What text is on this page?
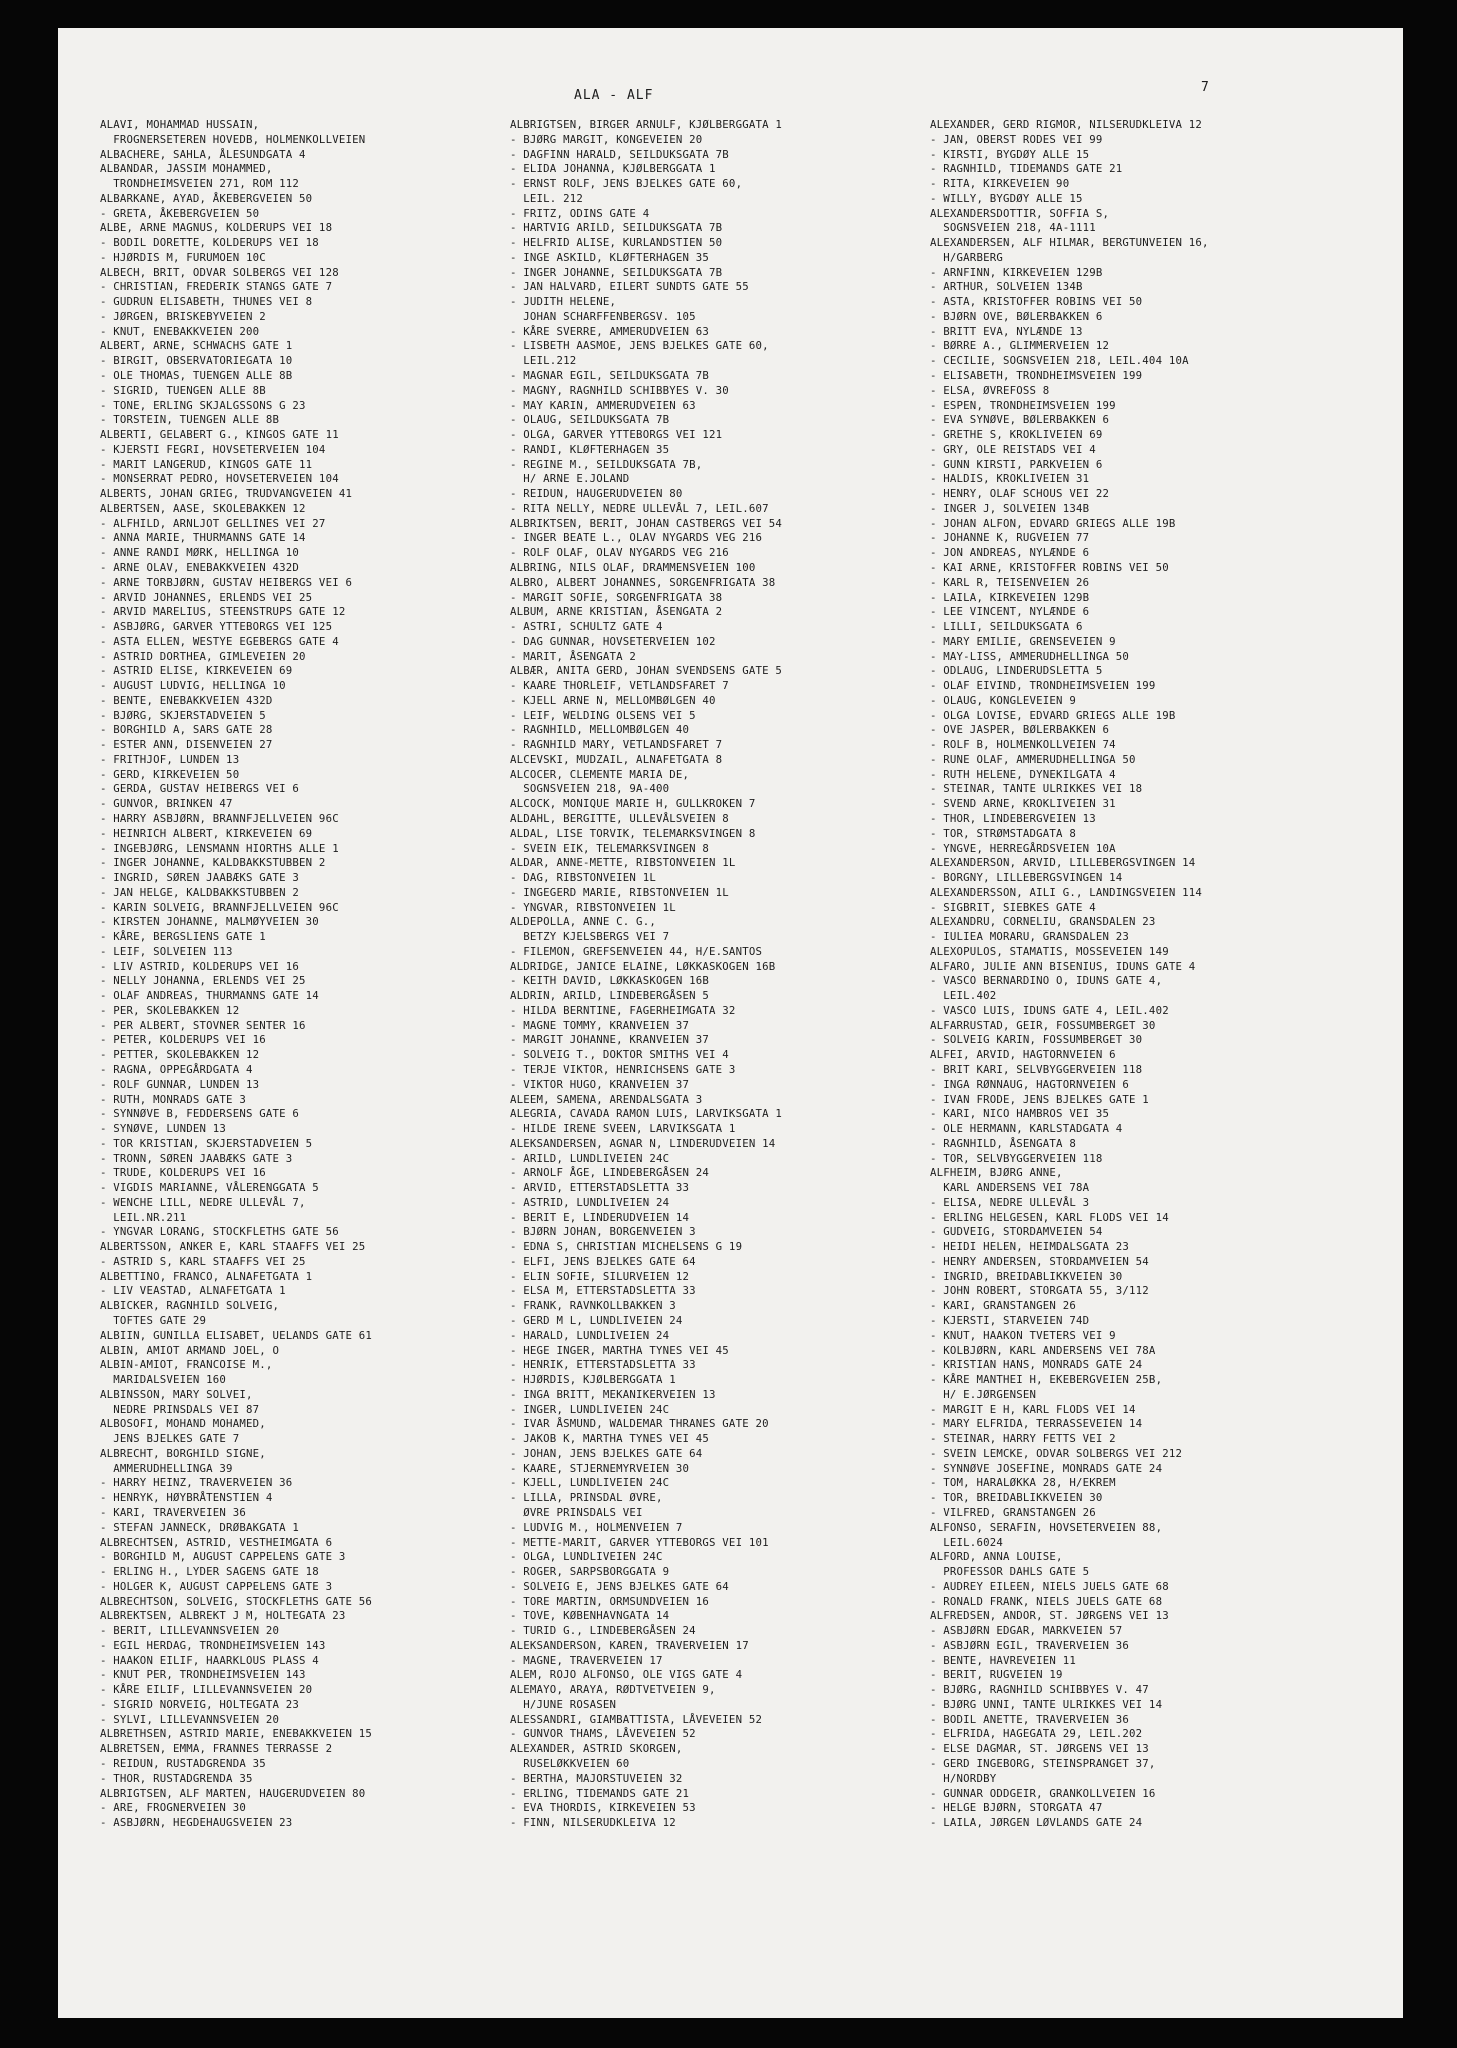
ALA - ALF
7
ALAVI, MOHAMMAD HUSSAIN,
FROGNERSETEREN HOVEDB, HOLMENKOLLVEIEN
ALBACHERE, SAHLA, ÅLESUNDGATA 4
ALBANDAR, JASSIM MOHAMMED,
TRONDHEIMSVEIEN 271, ROM 112
ALBARKANE, AYAD, ÅKEBERGVEIEN 50
- GRETA, ÅKEBERGVEIEN 50
ALBE, ARNE MAGNUS, KOLDERUPS VEI 18
- BODIL DORETTE, KOLDERUPS VEI 18
- HJØRDIS M, FURUMOEN 10C
ALBECH, BRIT, ODVAR SOLBERGS VEI 128
- CHRISTIAN, FREDERIK STANGS GATE 7
- GUDRUN ELISABETH, THUNES VEI 8
- JØRGEN, BRISKEBYVEIEN 2
- KNUT, ENEBAKKVEIEN 200
ALBERT, ARNE, SCHWACHS GATE 1
- BIRGIT, OBSERVATORIEGATA 10
- OLE THOMAS, TUENGEN ALLE 8B
- SIGRID, TUENGEN ALLE 8B
- TONE, ERLING SKJALGSSONS G 23
- TORSTEIN, TUENGEN ALLE 8B
ALBERTI, GELABERT G., KINGOS GATE 11
- KJERSTI FEGRI, HOVSETERVEIEN 104
- MARIT LANGERUD, KINGOS GATE 11
- MONSERRAT PEDRO, HOVSETERVEIEN 104
ALBERTS, JOHAN GRIEG, TRUDVANGVEIEN 41
ALBERTSEN, AASE, SKOLEBAKKEN 12
- ALFHILD, ARNLJOT GELLINES VEI 27
- ANNA MARIE, THURMANNS GATE 14
- ANNE RANDI MØRK, HELLINGA 10
- ARNE OLAV, ENEBAKKVEIEN 432D
- ARNE TORBJØRN, GUSTAV HEIBERGS VEI 6
- ARVID JOHANNES, ERLENDS VEI 25
- ARVID MARELIUS, STEENSTRUPS GATE 12
- ASBJØRG, GARVER YTTEBORGS VEI 125
- ASTA ELLEN, WESTYE EGEBERGS GATE 4
- ASTRID DORTHEA, GIMLEVEIEN 20
- ASTRID ELISE, KIRKEVEIEN 69
- AUGUST LUDVIG, HELLINGA 10
- BENTE, ENEBAKKVEIEN 432D
- BJØRG, SKJERSTADVEIEN 5
- BORGHILD A, SARS GATE 28
- ESTER ANN, DISENVEIEN 27
- FRITHJOF, LUNDEN 13
- GERD, KIRKEVEIEN 50
- GERDA, GUSTAV HEIBERGS VEI 6
- GUNVOR, BRINKEN 47
- HARRY ASBJØRN, BRANNFJELLVEIEN 96C
- HEINRICH ALBERT, KIRKEVEIEN 69
- INGEBJØRG, LENSMANN HIORTHS ALLE 1
- INGER JOHANNE, KALDBAKKSTUBBEN 2
- INGRID, SØREN JAABÆKS GATE 3
- JAN HELGE, KALDBAKKSTUBBEN 2
- KARIN SOLVEIG, BRANNFJELLVEIEN 96C
- KIRSTEN JOHANNE, MALMØYVEIEN 30
- KÅRE, BERGSLIENS GATE 1
- LEIF, SOLVEIEN 113
- LIV ASTRID, KOLDERUPS VEI 16
- NELLY JOHANNA, ERLENDS VEI 25
- OLAF ANDREAS, THURMANNS GATE 14
- PER, SKOLEBAKKEN 12
- PER ALBERT, STOVNER SENTER 16
- PETER, KOLDERUPS VEI 16
- PETTER, SKOLEBAKKEN 12
- RAGNA, OPPEGÅRDGATA 4
- ROLF GUNNAR, LUNDEN 13
- RUTH, MONRADS GATE 3
- SYNNØVE B, FEDDERSENS GATE 6
- SYNØVE, LUNDEN 13
- TOR KRISTIAN, SKJERSTADVEIEN 5
- TRONN, SØREN JAABÆKS GATE 3
- TRUDE, KOLDERUPS VEI 16
- VIGDIS MARIANNE, VÅLERENGGATA 5
- WENCHE LILL, NEDRE ULLEVÅL 7,
LEIL.NR.211
- YNGVAR LORANG, STOCKFLETHS GATE 56
ALBERTSSON, ANKER E, KARL STAAFFS VEI 25
- ASTRID S, KARL STAAFFS VEI 25
ALBETTINO, FRANCO, ALNAFETGATA 1
- LIV VEASTAD, ALNAFETGATA 1
ALBICKER, RAGNHILD SOLVEIG,
TOFTES GATE 29
ALBIIN, GUNILLA ELISABET, UELANDS GATE 61
ALBIN, AMIOT ARMAND JOEL, O
ALBIN-AMIOT, FRANCOISE M.,
MARIDALSVEIEN 160
ALBINSSON, MARY SOLVEI,
NEDRE PRINSDALS VEI 87
ALBOSOFI, MOHAND MOHAMED,
JENS BJELKES GATE 7
ALBRECHT, BORGHILD SIGNE,
AMMERUDHELLINGA 39
- HARRY HEINZ, TRAVERVEIEN 36
- HENRYK, HØYBRÅTENSTIEN 4
- KARI, TRAVERVEIEN 36
- STEFAN JANNECK, DRØBAKGATA 1
ALBRECHTSEN, ASTRID, VESTHEIMGATA 6
- BORGHILD M, AUGUST CAPPELENS GATE 3
- ERLING H., LYDER SAGENS GATE 18
- HOLGER K, AUGUST CAPPELENS GATE 3
ALBRECHTSON, SOLVEIG, STOCKFLETHS GATE 56
ALBREKTSEN, ALBREKT J M, HOLTEGATA 23
- BERIT, LILLEVANNSVEIEN 20
- EGIL HERDAG, TRONDHEIMSVEIEN 143
- HAAKON EILIF, HAARKLOUS PLASS 4
- KNUT PER, TRONDHEIMSVEIEN 143
- KÅRE EILIF, LILLEVANNSVEIEN 20
- SIGRID NORVEIG, HOLTEGATA 23
- SYLVI, LILLEVANNSVEIEN 20
ALBRETHSEN, ASTRID MARIE, ENEBAKKVEIEN 15
ALBRETSEN, EMMA, FRANNES TERRASSE 2
- REIDUN, RUSTADGRENDA 35
- THOR, RUSTADGRENDA 35
ALBRIGTSEN, ALF MARTEN, HAUGERUDVEIEN 80
- ARE, FROGNERVEIEN 30
- ASBJØRN, HEGDEHAUGSVEIEN 23
ALBRIGTSEN, BIRGER ARNULF, KJØLBERGGATA 1
- BJØRG MARGIT, KONGEVEIEN 20
- DAGFINN HARALD, SEILDUKSGATA 7B
- ELIDA JOHANNA, KJØLBERGGATA 1
- ERNST ROLF, JENS BJELKES GATE 60,
LEIL. 212
- FRITZ, ODINS GATE 4
- HARTVIG ARILD, SEILDUKSGATA 7B
- HELFRID ALISE, KURLANDSTIEN 50
- INGE ASKILD, KLØFTERHAGEN 35
- INGER JOHANNE, SEILDUKSGATA 7B
- JAN HALVARD, EILERT SUNDTS GATE 55
- JUDITH HELENE,
JOHAN SCHARFFENBERGSV. 105
- KÅRE SVERRE, AMMERUDVEIEN 63
- LISBETH AASMOE, JENS BJELKES GATE 60,
LEIL.212
- MAGNAR EGIL, SEILDUKSGATA 7B
- MAGNY, RAGNHILD SCHIBBYES V. 30
- MAY KARIN, AMMERUDVEIEN 63
- OLAUG, SEILDUKSGATA 7B
- OLGA, GARVER YTTEBORGS VEI 121
- RANDI, KLØFTERHAGEN 35
- REGINE M., SEILDUKSGATA 7B,
H/ ARNE E.JOLAND
- REIDUN, HAUGERUDVEIEN 80
- RITA NELLY, NEDRE ULLEVÅL 7, LEIL.607
ALBRIKTSEN, BERIT, JOHAN CASTBERGS VEI 54
- INGER BEATE L., OLAV NYGARDS VEG 216
- ROLF OLAF, OLAV NYGARDS VEG 216
ALBRING, NILS OLAF, DRAMMENSVEIEN 100
ALBRO, ALBERT JOHANNES, SORGENFRIGATA 38
- MARGIT SOFIE, SORGENFRIGATA 38
ALBUM, ARNE KRISTIAN, ÅSENGATA 2
- ASTRI, SCHULTZ GATE 4
- DAG GUNNAR, HOVSETERVEIEN 102
- MARIT, ÅSENGATA 2
ALBÆR, ANITA GERD, JOHAN SVENDSENS GATE 5
- KAARE THORLEIF, VETLANDSFARET 7
- KJELL ARNE N, MELLOMBØLGEN 40
- LEIF, WELDING OLSENS VEI 5
- RAGNHILD, MELLOMBØLGEN 40
- RAGNHILD MARY, VETLANDSFARET 7
ALCEVSKI, MUDZAIL, ALNAFETGATA 8
ALCOCER, CLEMENTE MARIA DE,
SOGNSVEIEN 218, 9A-400
ALCOCK, MONIQUE MARIE H, GULLKROKEN 7
ALDAHL, BERGITTE, ULLEVÅLSVEIEN 8
ALDAL, LISE TORVIK, TELEMARKSVINGEN 8
- SVEIN EIK, TELEMARKSVINGEN 8
ALDAR, ANNE-METTE, RIBSTONVEIEN 1L
- DAG, RIBSTONVEIEN 1L
- INGEGERD MARIE, RIBSTONVEIEN 1L
- YNGVAR, RIBSTONVEIEN 1L
ALDEPOLLA, ANNE C. G.,
BETZY KJELSBERGS VEI 7
- FILEMON, GREFSENVEIEN 44, H/E.SANTOS
ALDRIDGE, JANICE ELAINE, LØKKASKOGEN 16B
- KEITH DAVID, LØKKASKOGEN 16B
ALDRIN, ARILD, LINDEBERGÅSEN 5
- HILDA BERNTINE, FAGERHEIMGATA 32
- MAGNE TOMMY, KRANVEIEN 37
- MARGIT JOHANNE, KRANVEIEN 37
- SOLVEIG T., DOKTOR SMITHS VEI 4
- TERJE VIKTOR, HENRICHSENS GATE 3
- VIKTOR HUGO, KRANVEIEN 37
ALEEM, SAMENA, ARENDALSGATA 3
ALEGRIA, CAVADA RAMON LUIS, LARVIKSGATA 1
- HILDE IRENE SVEEN, LARVIKSGATA 1
ALEKSANDERSEN, AGNAR N, LINDERUDVEIEN 14
- ARILD, LUNDLIVEIEN 24C
- ARNOLF ÅGE, LINDEBERGÅSEN 24
- ARVID, ETTERSTADSLETTA 33
- ASTRID, LUNDLIVEIEN 24
- BERIT E, LINDERUDVEIEN 14
- BJØRN JOHAN, BORGENVEIEN 3
- EDNA S, CHRISTIAN MICHELSENS G 19
- ELFI, JENS BJELKES GATE 64
- ELIN SOFIE, SILURVEIEN 12
- ELSA M, ETTERSTADSLETTA 33
- FRANK, RAVNKOLLBAKKEN 3
- GERD M L, LUNDLIVEIEN 24
- HARALD, LUNDLIVEIEN 24
- HEGE INGER, MARTHA TYNES VEI 45
- HENRIK, ETTERSTADSLETTA 33
- HJØRDIS, KJØLBERGGATA 1
- INGA BRITT, MEKANIKERVEIEN 13
- INGER, LUNDLIVEIEN 24C
- IVAR ÅSMUND, WALDEMAR THRANES GATE 20
- JAKOB K, MARTHA TYNES VEI 45
- JOHAN, JENS BJELKES GATE 64
- KAARE, STJERNEMYRVEIEN 30
- KJELL, LUNDLIVEIEN 24C
- LILLA, PRINSDAL ØVRE,
ØVRE PRINSDALS VEI
- LUDVIG M., HOLMENVEIEN 7
- METTE-MARIT, GARVER YTTEBORGS VEI 101
- OLGA, LUNDLIVEIEN 24C
- ROGER, SARPSBORGGATA 9
- SOLVEIG E, JENS BJELKES GATE 64
- TORE MARTIN, ORMSUNDVEIEN 16
- TOVE, KØBENHAVNGATA 14
- TURID G., LINDEBERGÅSEN 24
ALEKSANDERSON, KAREN, TRAVERVEIEN 17
- MAGNE, TRAVERVEIEN 17
ALEM, ROJO ALFONSO, OLE VIGS GATE 4
ALEMAYO, ARAYA, RØDTVETVEIEN 9,
H/JUNE ROSASEN
ALESSANDRI, GIAMBATTISTA, LÅVEVEIEN 52
- GUNVOR THAMS, LÅVEVEIEN 52
ALEXANDER, ASTRID SKORGEN,
RUSELØKKVEIEN 60
- BERTHA, MAJORSTUVEIEN 32
- ERLING, TIDEMANDS GATE 21
- EVA THORDIS, KIRKEVEIEN 53
- FINN, NILSERUDKLEIVA 12
ALEXANDER, GERD RIGMOR, NILSERUDKLEIVA 12
- JAN, OBERST RODES VEI 99
- KIRSTI, BYGDØY ALLE 15
- RAGNHILD, TIDEMANDS GATE 21
- RITA, KIRKEVEIEN 90
- WILLY, BYGDØY ALLE 15
ALEXANDERSDOTTIR, SOFFIA S,
SOGNSVEIEN 218, 4A-1111
ALEXANDERSEN, ALF HILMAR, BERGTUNVEIEN 16,
H/GARBERG
- ARNFINN, KIRKEVEIEN 129B
- ARTHUR, SOLVEIEN 134B
- ASTA, KRISTOFFER ROBINS VEI 50
- BJØRN OVE, BØLERBAKKEN 6
- BRITT EVA, NYLÆNDE 13
- BØRRE A., GLIMMERVEIEN 12
- CECILIE, SOGNSVEIEN 218, LEIL.404 10A
- ELISABETH, TRONDHEIMSVEIEN 199
- ELSA, ØVREFOSS 8
- ESPEN, TRONDHEIMSVEIEN 199
- EVA SYNØVE, BØLERBAKKEN 6
- GRETHE S, KROKLIVEIEN 69
- GRY, OLE REISTADS VEI 4
- GUNN KIRSTI, PARKVEIEN 6
- HALDIS, KROKLIVEIEN 31
- HENRY, OLAF SCHOUS VEI 22
- INGER J, SOLVEIEN 134B
- JOHAN ALFON, EDVARD GRIEGS ALLE 19B
- JOHANNE K, RUGVEIEN 77
- JON ANDREAS, NYLÆNDE 6
- KAI ARNE, KRISTOFFER ROBINS VEI 50
- KARL R, TEISENVEIEN 26
- LAILA, KIRKEVEIEN 129B
- LEE VINCENT, NYLÆNDE 6
- LILLI, SEILDUKSGATA 6
- MARY EMILIE, GRENSEVEIEN 9
- MAY-LISS, AMMERUDHELLINGA 50
- ODLAUG, LINDERUDSLETTA 5
- OLAF EIVIND, TRONDHEIMSVEIEN 199
- OLAUG, KONGLEVEIEN 9
- OLGA LOVISE, EDVARD GRIEGS ALLE 19B
- OVE JASPER, BØLERBAKKEN 6
- ROLF B, HOLMENKOLLVEIEN 74
- RUNE OLAF, AMMERUDHELLINGA 50
- RUTH HELENE, DYNEKILGATA 4
- STEINAR, TANTE ULRIKKES VEI 18
- SVEND ARNE, KROKLIVEIEN 31
- THOR, LINDEBERGVEIEN 13
- TOR, STRØMSTADGATA 8
- YNGVE, HERREGÅRDSVEIEN 10A
ALEXANDERSON, ARVID, LILLEBERGSVINGEN 14
- BORGNY, LILLEBERGSVINGEN 14
ALEXANDERSSON, AILI G., LANDINGSVEIEN 114
- SIGBRIT, SIEBKES GATE 4
ALEXANDRU, CORNELIU, GRANSDALEN 23
- IULIEA MORARU, GRANSDALEN 23
ALEXOPULOS, STAMATIS, MOSSEVEIEN 149
ALFARO, JULIE ANN BISENIUS, IDUNS GATE 4
- VASCO BERNARDINO O, IDUNS GATE 4,
LEIL.402
- VASCO LUIS, IDUNS GATE 4, LEIL.402
ALFARRUSTAD, GEIR, FOSSUMBERGET 30
- SOLVEIG KARIN, FOSSUMBERGET 30
ALFEI, ARVID, HAGTORNVEIEN 6
- BRIT KARI, SELVBYGGERVEIEN 118
- INGA RØNNAUG, HAGTORNVEIEN 6
- IVAN FRODE, JENS BJELKES GATE 1
- KARI, NICO HAMBROS VEI 35
- OLE HERMANN, KARLSTADGATA 4
- RAGNHILD, ÅSENGATA 8
- TOR, SELVBYGGERVEIEN 118
ALFHEIM, BJØRG ANNE,
KARL ANDERSENS VEI 78A
- ELISA, NEDRE ULLEVÅL 3
- ERLING HELGESEN, KARL FLODS VEI 14
- GUDVEIG, STORDAMVEIEN 54
- HEIDI HELEN, HEIMDALSGATA 23
- HENRY ANDERSEN, STORDAMVEIEN 54
- INGRID, BREIDABLIKKVEIEN 30
- JOHN ROBERT, STORGATA 55, 3/112
- KARI, GRANSTANGEN 26
- KJERSTI, STARVEIEN 74D
- KNUT, HAAKON TVETERS VEI 9
- KOLBJØRN, KARL ANDERSENS VEI 78A
- KRISTIAN HANS, MONRADS GATE 24
- KÅRE MANTHEI H, EKEBERGVEIEN 25B,
H/ E.JØRGENSEN
- MARGIT E H, KARL FLODS VEI 14
- MARY ELFRIDA, TERRASSEVEIEN 14
- STEINAR, HARRY FETTS VEI 2
- SVEIN LEMCKE, ODVAR SOLBERGS VEI 212
- SYNNØVE JOSEFINE, MONRADS GATE 24
- TOM, HARALØKKA 28, H/EKREM
- TOR, BREIDABLIKKVEIEN 30
- VILFRED, GRANSTANGEN 26
ALFONSO, SERAFIN, HOVSETERVEIEN 88,
LEIL.6024
ALFORD, ANNA LOUISE,
PROFESSOR DAHLS GATE 5
- AUDREY EILEEN, NIELS JUELS GATE 68
- RONALD FRANK, NIELS JUELS GATE 68
ALFREDSEN, ANDOR, ST. JØRGENS VEI 13
- ASBJØRN EDGAR, MARKVEIEN 57
- ASBJØRN EGIL, TRAVERVEIEN 36
- BENTE, HAVREVEIEN 11
- BERIT, RUGVEIEN 19
- BJØRG, RAGNHILD SCHIBBYES V. 47
- BJØRG UNNI, TANTE ULRIKKES VEI 14
- BODIL ANETTE, TRAVERVEIEN 36
- ELFRIDA, HAGEGATA 29, LEIL.202
- ELSE DAGMAR, ST. JØRGENS VEI 13
- GERD INGEBORG, STEINSPRANGET 37,
H/NORDBY
- GUNNAR ODDGEIR, GRANKOLLVEIEN 16
- HELGE BJØRN, STORGATA 47
- LAILA, JØRGEN LØVLANDS GATE 24
